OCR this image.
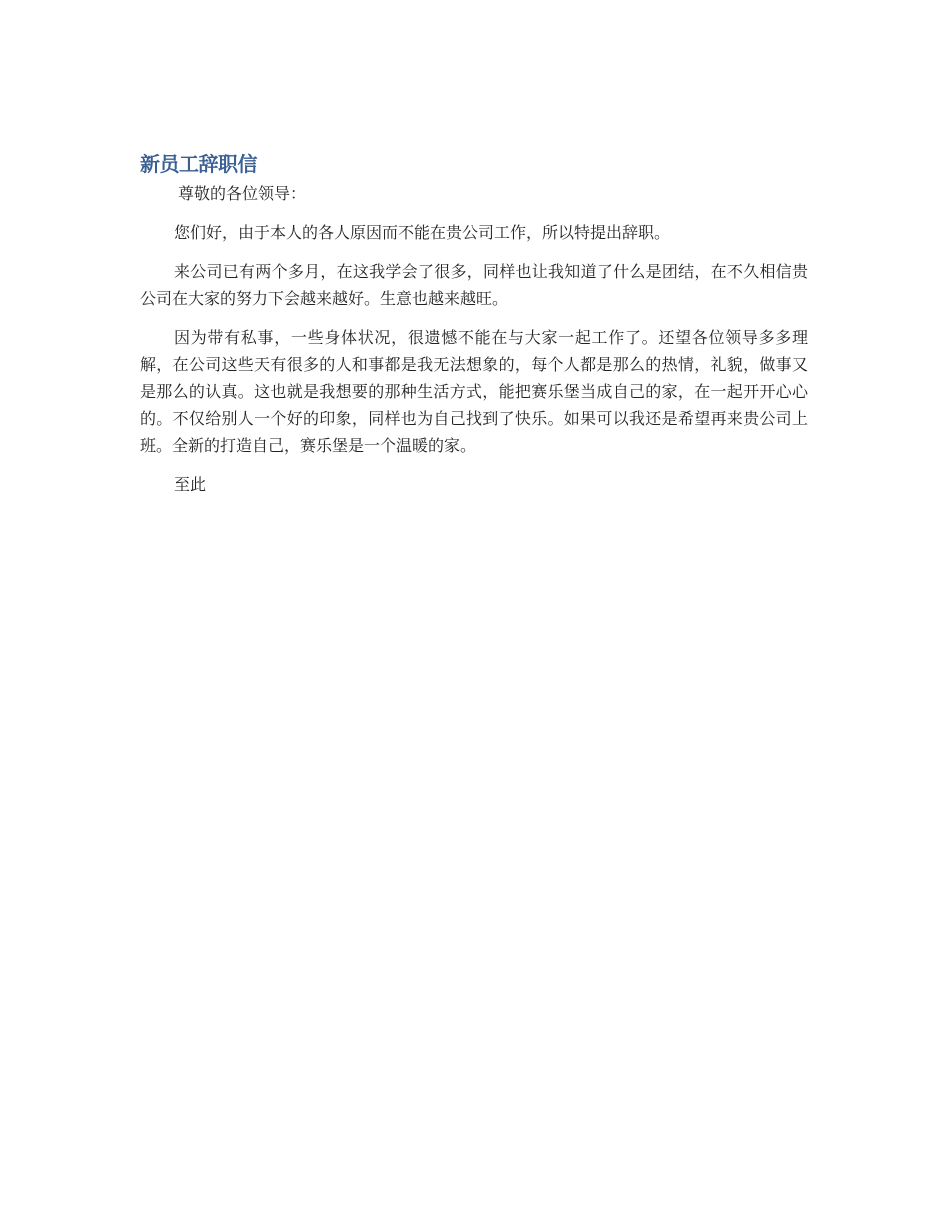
新员工辞职信

尊敬的各位领导：

您们好，由于本人的各人原因而不能在贵公司工作，所以特提出辞职。

来公司已有两个多月，在这我学会了很多，同样也让我知道了什么是团结，在不久相信贵公司在大家的努力下会越来越好。生意也越来越旺。

因为带有私事，一些身体状况，很遗憾不能在与大家一起工作了。还望各位领导多多理解，在公司这些天有很多的人和事都是我无法想象的，每个人都是那么的热情，礼貌，做事又是那么的认真。这也就是我想要的那种生活方式，能把赛乐堡当成自己的家，在一起开开心心的。不仅给别人一个好的印象，同样也为自己找到了快乐。如果可以我还是希望再来贵公司上班。全新的打造自己，赛乐堡是一个温暖的家。

至此
